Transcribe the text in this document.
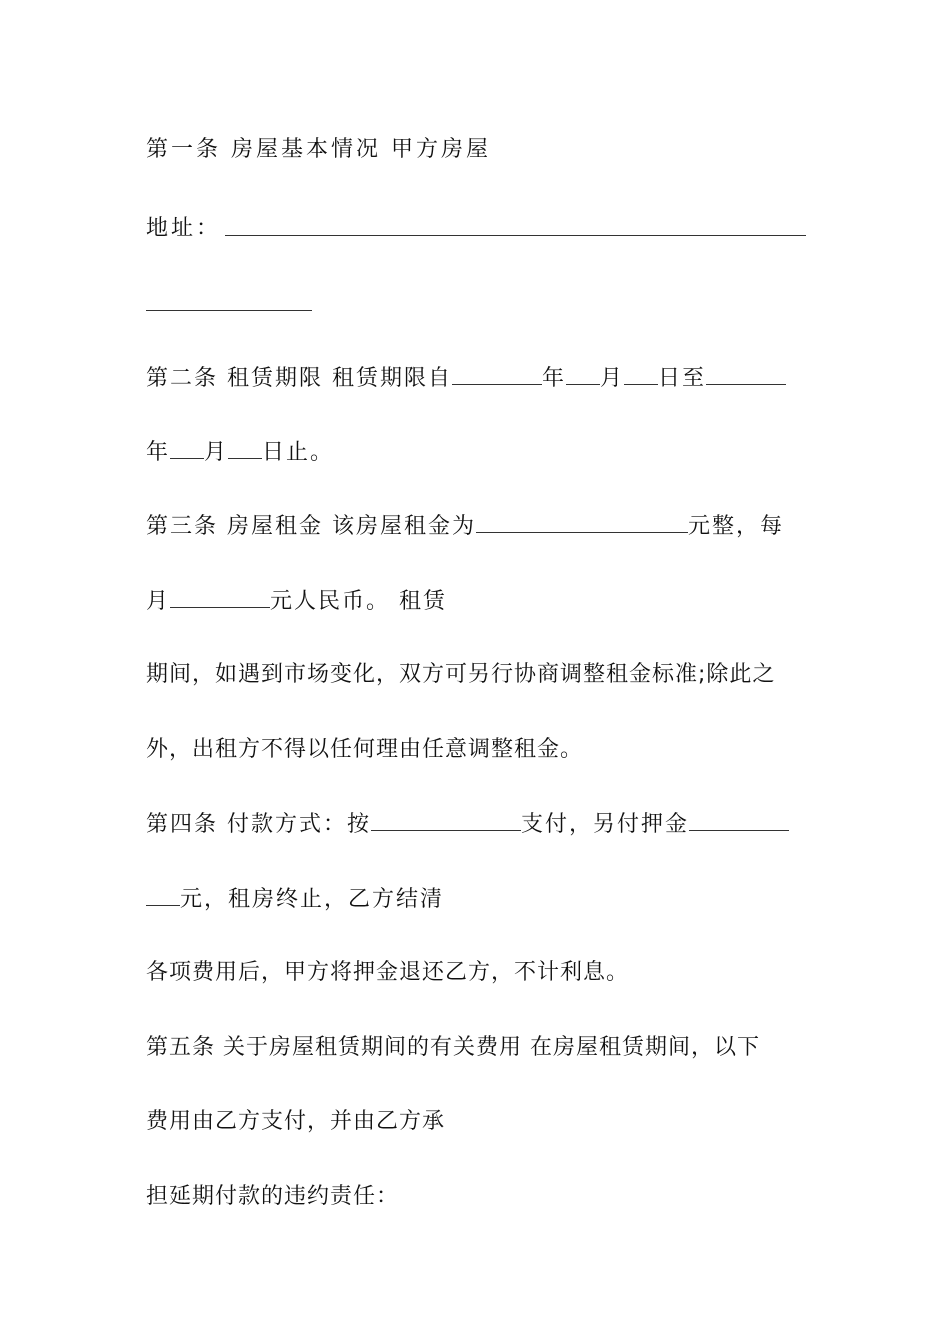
第一条 房屋基本情况 甲方房屋
地址：
第二条 租赁期限 租赁期限自	年 月 日至
年 月 日止。
第三条 房屋租金 该房屋租金为	元整，每
月	元人民币。 租赁
期间，如遇到市场变化，双方可另行协商调整租金标准;除此之
外，出租方不得以任何理由任意调整租金。
第四条 付款方式：按	支付，另付押金
元，租房终止，乙方结清
各项费用后，甲方将押金退还乙方，不计利息。
第五条 关于房屋租赁期间的有关费用 在房屋租赁期间，以下
费用由乙方支付，并由乙方承
担延期付款的违约责任：
